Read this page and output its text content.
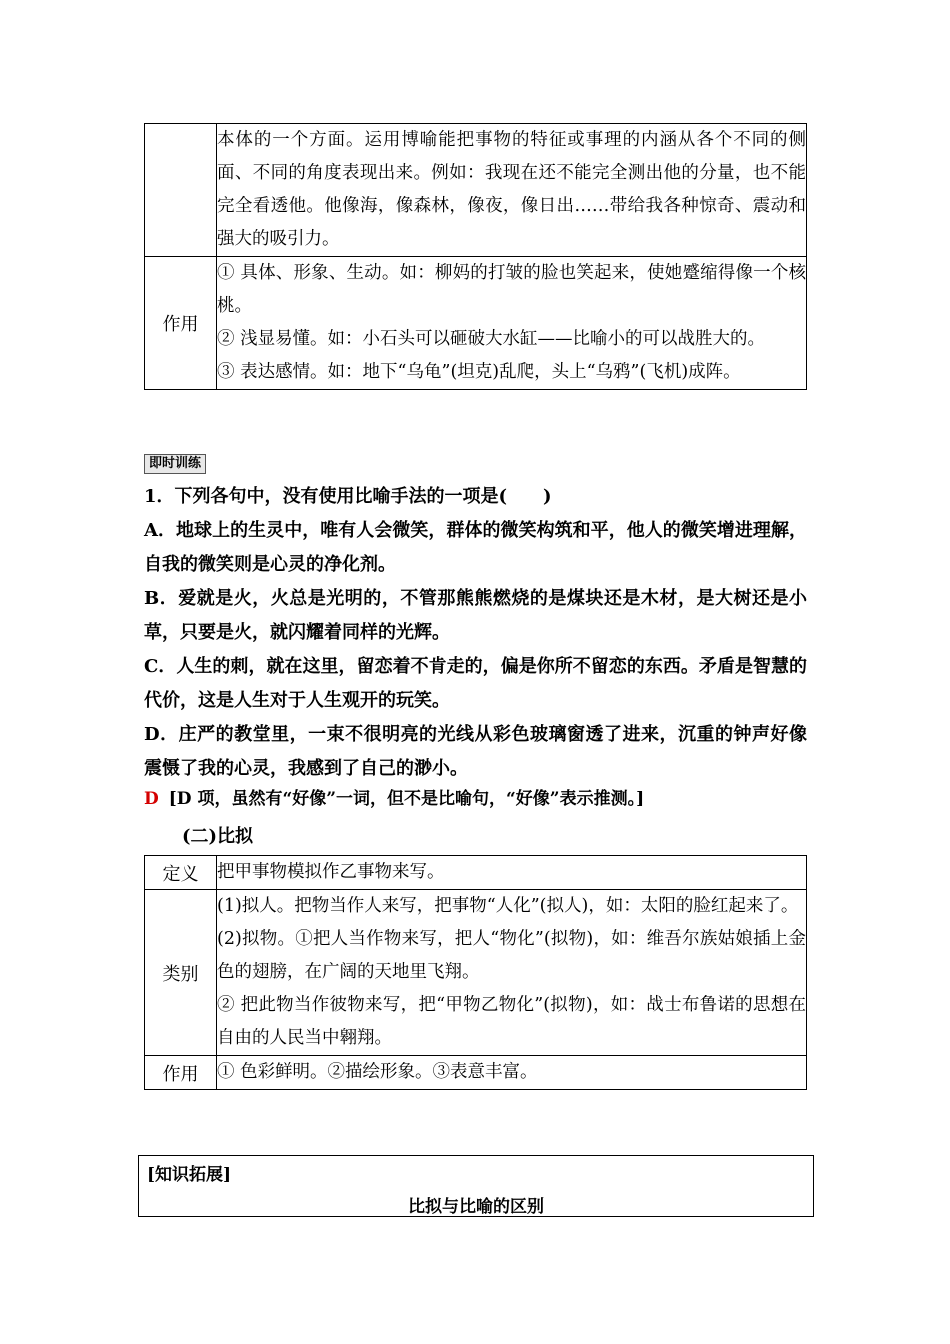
	本体的一个方面。运用博喻能把事物的特征或事理的内涵从各个不同的侧面、不同的角度表现出来。例如：我现在还不能完全测出他的分量，也不能完全看透他。他像海，像森林，像夜，像日出……带给我各种惊奇、震动和强大的吸引力。

作用	① 具体、形象、生动。如：柳妈的打皱的脸也笑起来，使她蹙缩得像一个核桃。

② 浅显易懂。如：小石头可以砸破大水缸——比喻小的可以战胜大的。

③ 表达感情。如：地下“乌龟”(坦克)乱爬，头上“乌鸦”(飞机)成阵。

即时训练
1．下列各句中，没有使用比喻手法的一项是(　　)

A．地球上的生灵中，唯有人会微笑，群体的微笑构筑和平，他人的微笑增进理解，自我的微笑则是心灵的净化剂。

B．爱就是火，火总是光明的，不管那熊熊燃烧的是煤块还是木材，是大树还是小草，只要是火，就闪耀着同样的光辉。

C．人生的刺，就在这里，留恋着不肯走的，偏是你所不留恋的东西。矛盾是智慧的代价，这是人生对于人生观开的玩笑。

D．庄严的教堂里，一束不很明亮的光线从彩色玻璃窗透了进来，沉重的钟声好像震慑了我的心灵，我感到了自己的渺小。

D [D 项，虽然有“好像”一词，但不是比喻句，“好像”表示推测。]
(二)比拟
定义	把甲事物模拟作乙事物来写。
类别	(1)拟人。把物当作人来写，把事物“人化”(拟人)，如：太阳的脸红起来了。

(2)拟物。①把人当作物来写，把人“物化”(拟物)，如：维吾尔族姑娘插上金色的翅膀，在广阔的天地里飞翔。

② 把此物当作彼物来写，把“甲物乙物化”(拟物)，如：战士布鲁诺的思想在自由的人民当中翱翔。

作用	① 色彩鲜明。②描绘形象。③表意丰富。
[知识拓展]
比拟与比喻的区别
